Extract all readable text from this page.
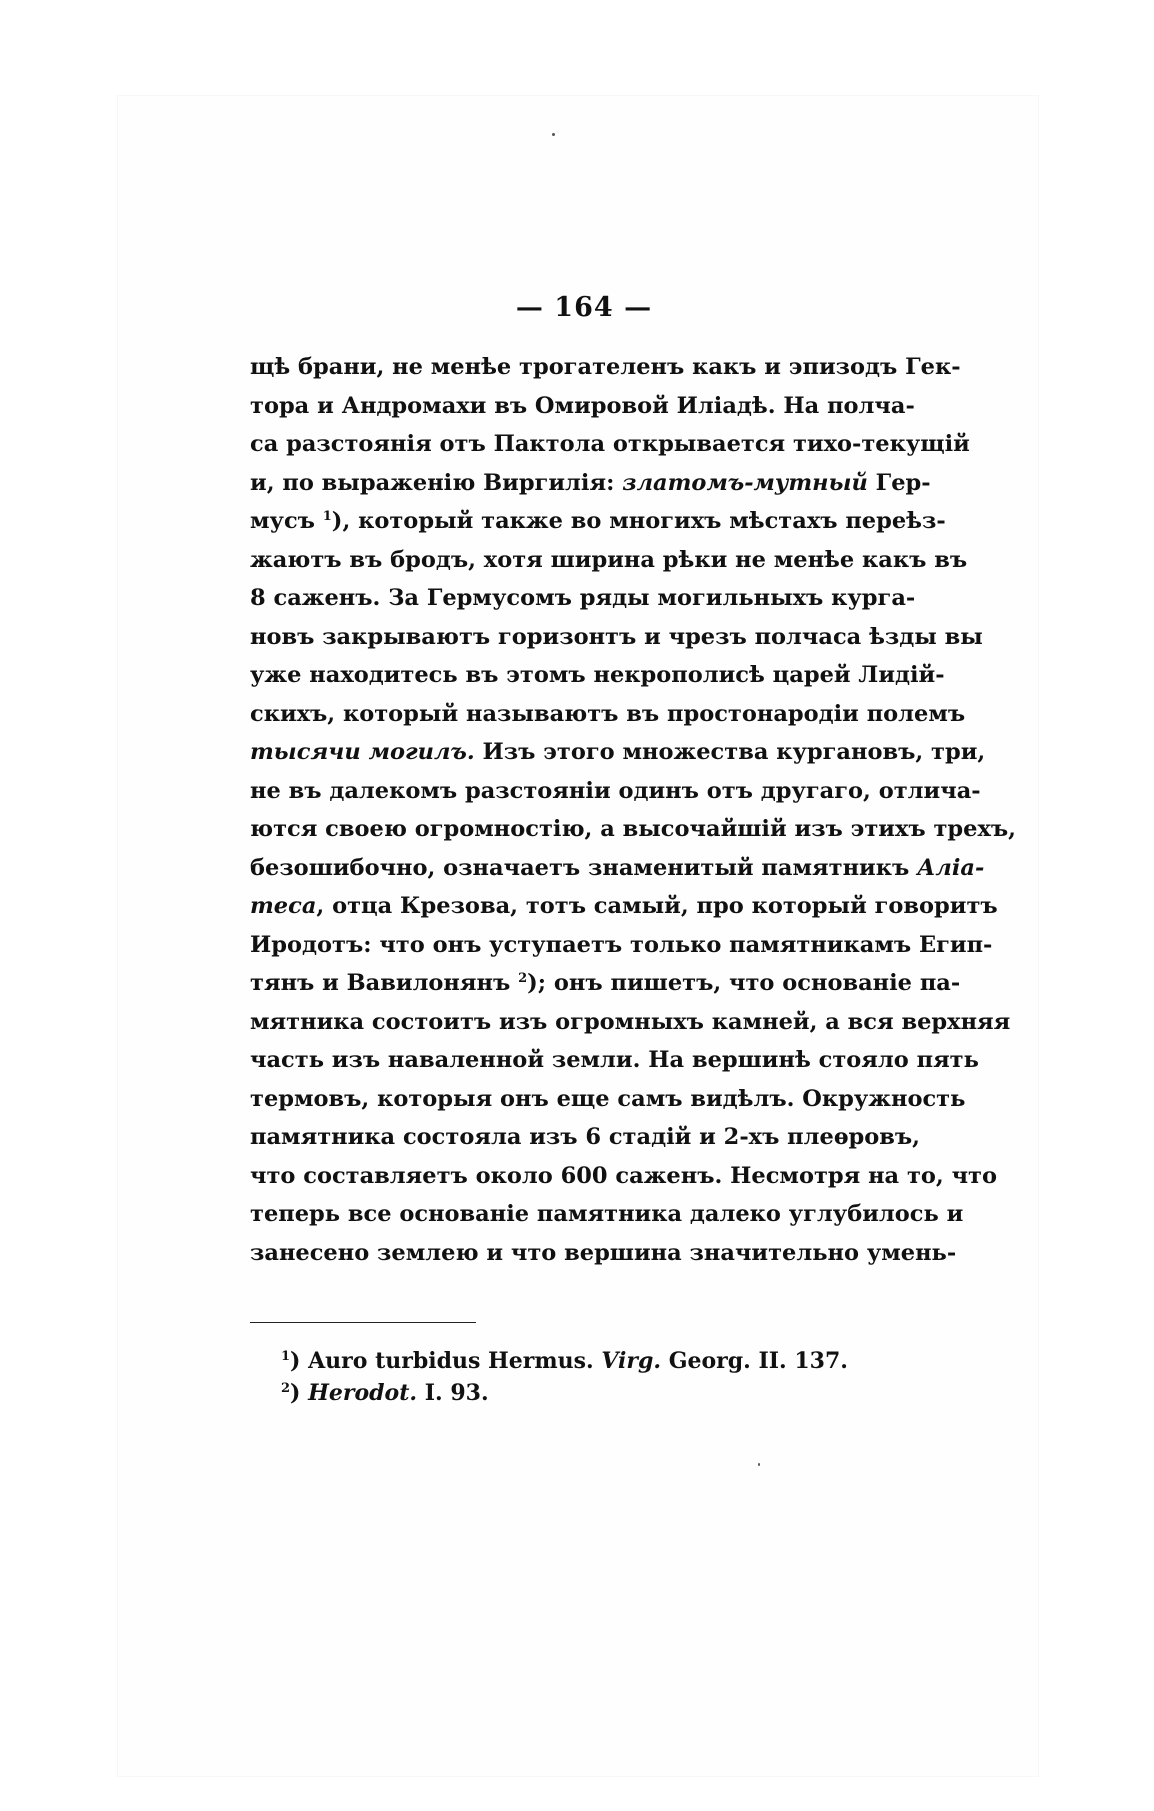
— 164 —
щѣ брани, не менѣе трогателенъ какъ и эпизодъ Гек-
тора и Андромахи въ Омировой Иліадѣ. На полча-
са разстоянія отъ Пактола открывается тихо-текущій
и, по выраженію Виргилія: златомъ-мутный Гер-
мусъ $^1$), который также во многихъ мѣстахъ переѣз-
жаютъ въ бродъ, хотя ширина рѣки не менѣе какъ въ
8 саженъ. За Гермусомъ ряды могильныхъ курга-
новъ закрываютъ горизонтъ и чрезъ полчаса ѣзды вы
уже находитесь въ этомъ некрополисѣ царей Лидій-
скихъ, который называютъ въ простонародіи полемъ
тысячи могилъ. Изъ этого множества кургановъ, три,
не въ далекомъ разстояніи одинъ отъ другаго, отлича-
ются своею огромностію, а высочайшій изъ этихъ трехъ,
безошибочно, означаетъ знаменитый памятникъ Аліа-
теса, отца Крезова, тотъ самый, про который говоритъ
Иродотъ: что онъ уступаетъ только памятникамъ Егип-
тянъ и Вавилонянъ $^2$); онъ пишетъ, что основаніе па-
мятника состоитъ изъ огромныхъ камней, а вся верхняя
часть изъ наваленной земли. На вершинѣ стояло пять
термовъ, которыя онъ еще самъ видѣлъ. Окружность
памятника состояла изъ 6 стадій и 2-хъ плеѳровъ,
что составляетъ около 600 саженъ. Несмотря на то, что
теперь все основаніе памятника далеко углубилось и
занесено землею и что вершина значительно умень-
$^1$) Auro turbidus Hermus. Virg. Georg. II. 137.
$^2$) Herodot. I. 93.
